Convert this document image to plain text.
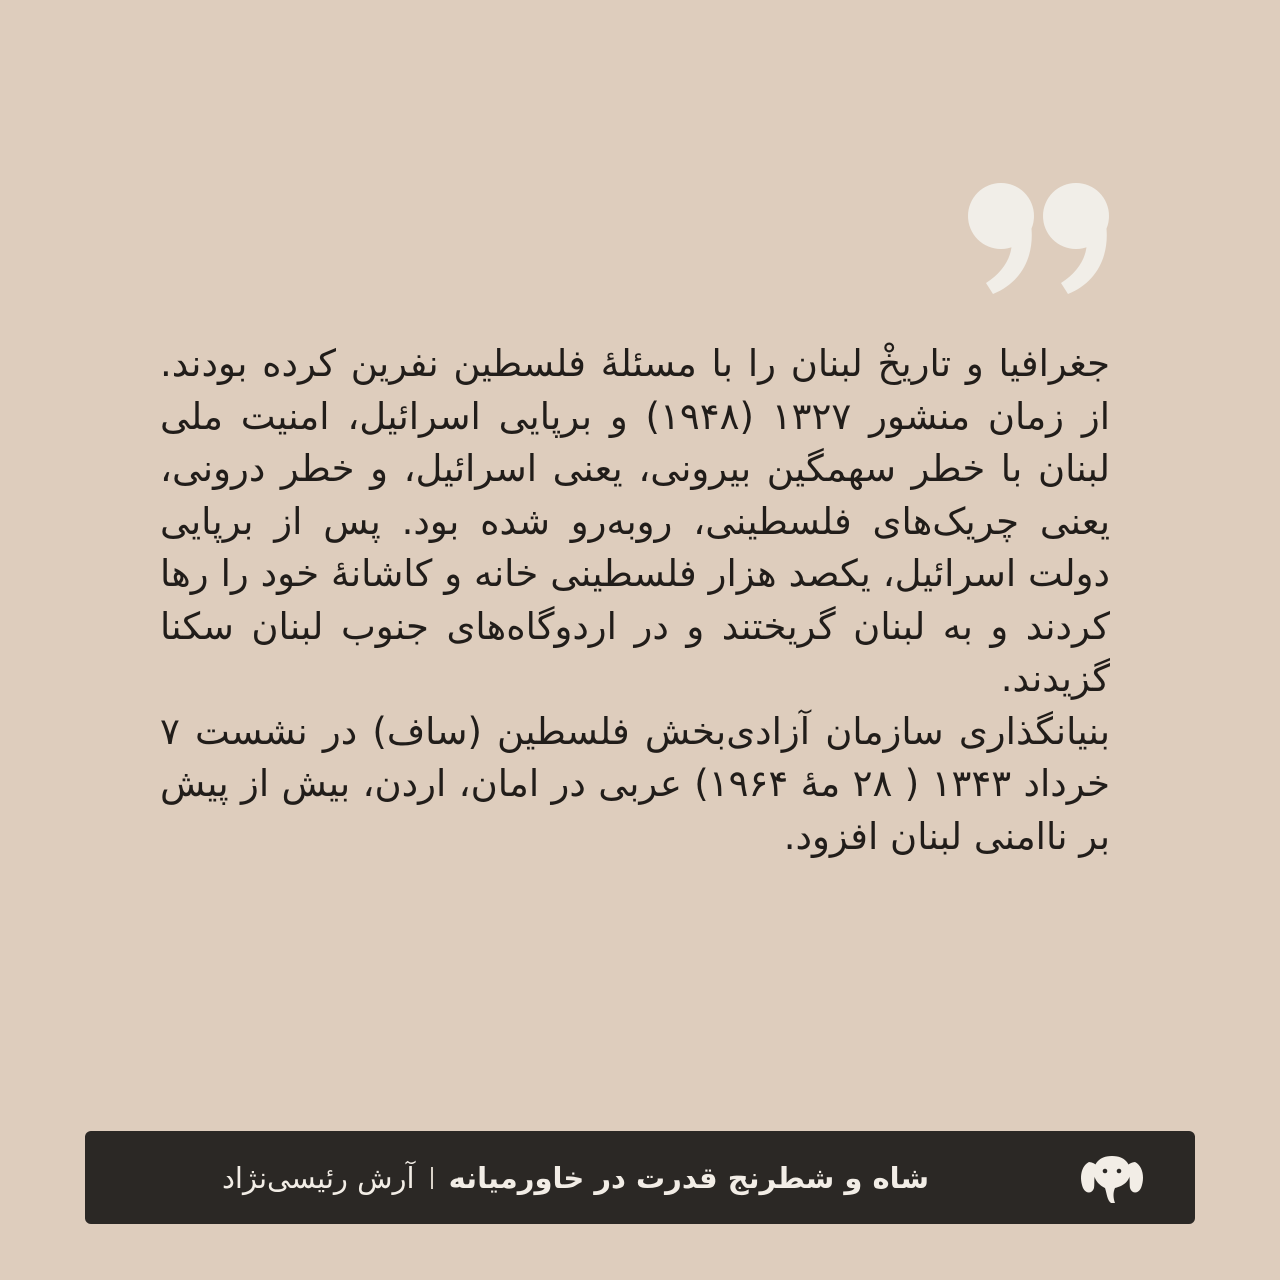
جغرافیا و تاریخْ لبنان را با مسئلهٔ فلسطین نفرین کرده بودند. از زمان منشور ۱۳۲۷ (۱۹۴۸) و برپایی اسرائیل، امنیت ملی لبنان با خطر سهمگین بیرونی، یعنی اسرائیل، و خطر درونی، یعنی چریک‌های فلسطینی، روبه‌رو شده بود. پس از برپایی دولت اسرائیل، یکصد هزار فلسطینی خانه و کاشانهٔ خود را رها کردند و به لبنان گریختند و در اردوگاه‌های جنوب لبنان سکنا گزیدند.

بنیانگذاری سازمان آزادی‌بخش فلسطین (ساف) در نشست ۷ خرداد ۱۳۴۳ ( ۲۸ مهٔ ۱۹۶۴) عربی در امان، اردن، بیش از پیش بر ناامنی لبنان افزود.

شاه و شطرنج قدرت در خاورمیانه
آرش رئیسی‌نژاد
